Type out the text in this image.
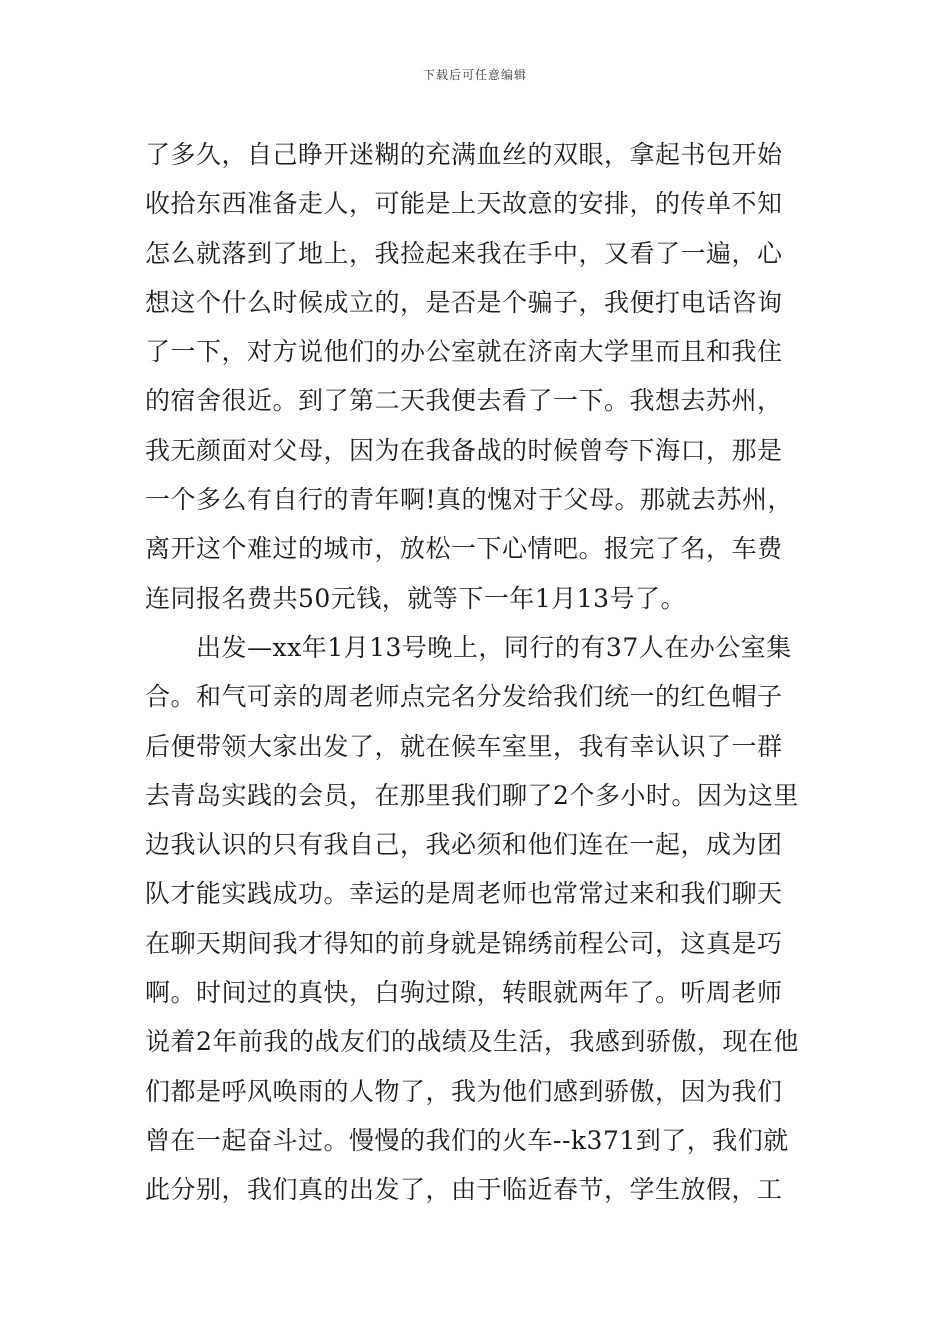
下载后可任意编辑
了多久，自己睁开迷糊的充满血丝的双眼，拿起书包开始
收拾东西准备走人，可能是上天故意的安排，的传单不知
怎么就落到了地上，我捡起来我在手中，又看了一遍，心
想这个什么时候成立的，是否是个骗子，我便打电话咨询
了一下，对方说他们的办公室就在济南大学里而且和我住
的宿舍很近。到了第二天我便去看了一下。我想去苏州，
我无颜面对父母，因为在我备战的时候曾夸下海口，那是
一个多么有自行的青年啊!真的愧对于父母。那就去苏州，
离开这个难过的城市，放松一下心情吧。报完了名，车费
连同报名费共50元钱，就等下一年1月13号了。
　　出发—xx年1月13号晚上，同行的有37人在办公室集
合。和气可亲的周老师点完名分发给我们统一的红色帽子
后便带领大家出发了，就在候车室里，我有幸认识了一群
去青岛实践的会员，在那里我们聊了2个多小时。因为这里
边我认识的只有我自己，我必须和他们连在一起，成为团
队才能实践成功。幸运的是周老师也常常过来和我们聊天
在聊天期间我才得知的前身就是锦绣前程公司，这真是巧
啊。时间过的真快，白驹过隙，转眼就两年了。听周老师
说着2年前我的战友们的战绩及生活，我感到骄傲，现在他
们都是呼风唤雨的人物了，我为他们感到骄傲，因为我们
曾在一起奋斗过。慢慢的我们的火车--k371到了，我们就
此分别，我们真的出发了，由于临近春节，学生放假，工
